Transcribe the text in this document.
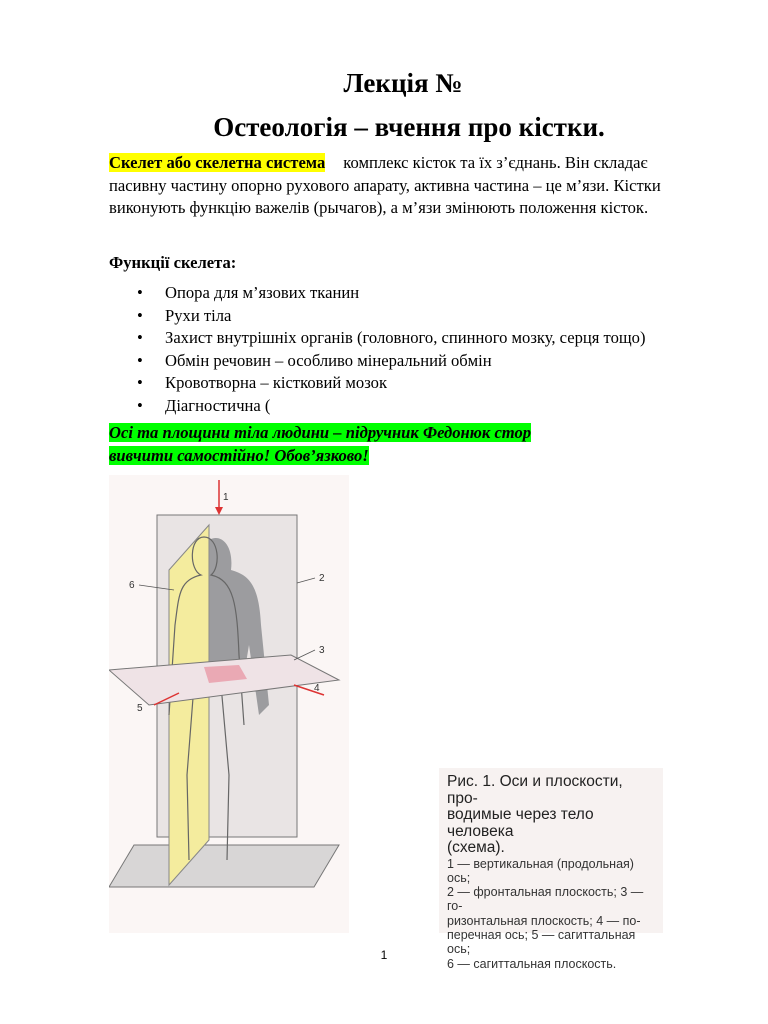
Лекція №
Остеологія – вчення про кістки.
Скелет або скелетна система комплекс кісток та їх з’єднань. Він складає пасивну частину опорно рухового апарату, активна частина – це м’язи. Кістки виконують функцію важелів (рычагов), а м’язи змінюють положення кісток.
Функції скелета:
•	Опора для м’язових тканин
•	Рухи тіла
•	Захист внутрішніх органів (головного, спинного мозку, серця тощо)
•	Обмін речовин – особливо мінеральний обмін
•	Кровотворна – кістковий мозок
•	Діагностична (
Осі та площини тіла людини – підручник Федонюк стор
вивчити самостійно! Обов’язково!
1
2
3
4
5
6
Рис. 1. Оси и плоскости, про-
водимые через тело человека
(схема).
1 — вертикальная (продольная) ось;
2 — фронтальная плоскость; 3 — го-
ризонтальная плоскость; 4 — по-
перечная ось; 5 — сагиттальная ось;
6 — сагиттальная плоскость.
1
